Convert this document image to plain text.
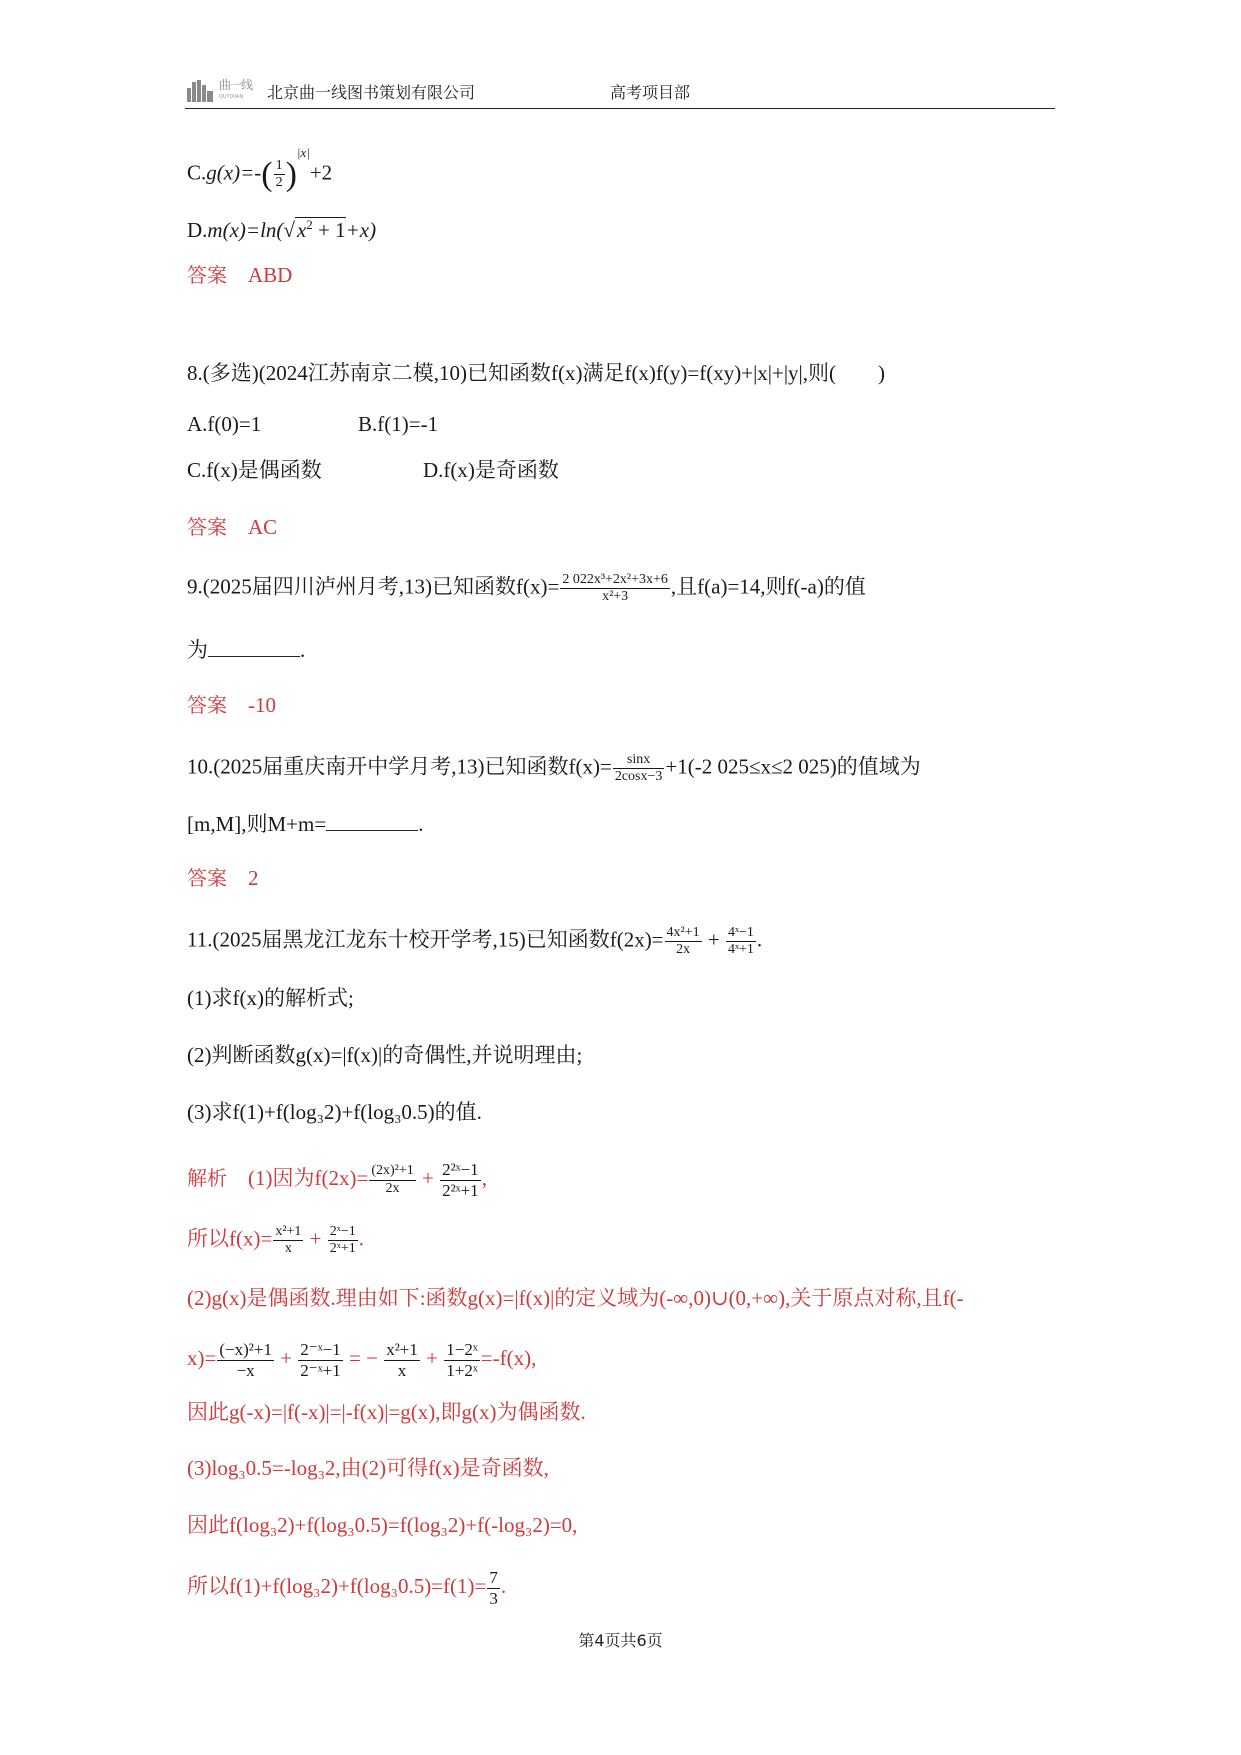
曲一线
QUYIXIAN 北京曲一线图书策划有限公司	高考项目部
$C.g(x)=-( \frac{1}{2} )^{|x|}+2$
$D.m(x)=\ln(√x^2 + 1+x)$
答案 ABD
8.(多选)(2024江苏南京二模,10)已知函数f(x)满足f(x)f(y)=f(xy)+|x|+|y|,则(　　)
A.f(0)=1	B.f(1)=-1
C.f(x)是偶函数	D.f(x)是奇函数
答案 AC
9.(2025届四川泸州月考,13)已知函数$f(x)= \frac{\text{2 022x³+2x²+3x+6}}{\text{x²+3}}$ ,且f(a)=14,则f(-a)的值
为	.
答案 -10
10.(2025届重庆南开中学月考,13)已知函数$f(x)= \frac{\sin x}{2\cos x-3} +1(-2$ 025≤x≤2 025)的值域为
[m,M],则M+m=	.
答案 2
11.(2025届黑龙江龙东十校开学考,15)已知函数$f(2x)= \frac{\text{4x²+1}}{2x} + \frac{\text{4ˣ−1}}{\text{4ˣ+1}}$ .
(1)求f(x)的解析式;
(2)判断函数g(x)=|f(x)|的奇偶性,并说明理由;
(3)求f(1)+f(log₃2)+f(log₃0.5)的值.
解析 (1)因为$f(2x)= \frac{\text{(2x)²+1}}{2x} + \frac{\text{2²ˣ−1}}{\text{2²ˣ+1}}$ ,
所以$f(x)= \frac{\text{x²+1}}{x} + \frac{\text{2ˣ−1}}{\text{2ˣ+1}}$ .
(2)g(x)是偶函数.理由如下:函数g(x)=|f(x)|的定义域为(-∞,0)∪(0,+∞),关于原点对称,且f(-
$x)= \frac{\text{(−x)²+1}}{-x} + \frac{\text{2⁻ˣ−1}}{\text{2⁻ˣ+1}}$ = − $\frac{\text{x²+1}}{x} + \frac{\text{1−2ˣ}}{\text{1+2ˣ}} =-f(x)$,
因此g(-x)=|f(-x)|=|-f(x)|=g(x),即g(x)为偶函数.
(3)log₃0.5=-log₃2,由(2)可得f(x)是奇函数,
因此f(log₃2)+f(log₃0.5)=f(log₃2)+f(-log₃2)=0,
所以$f(1)+f(\log_32)+f(\log_30.5)=f(1)= \frac{7}{3}$ .
第4页共6页
